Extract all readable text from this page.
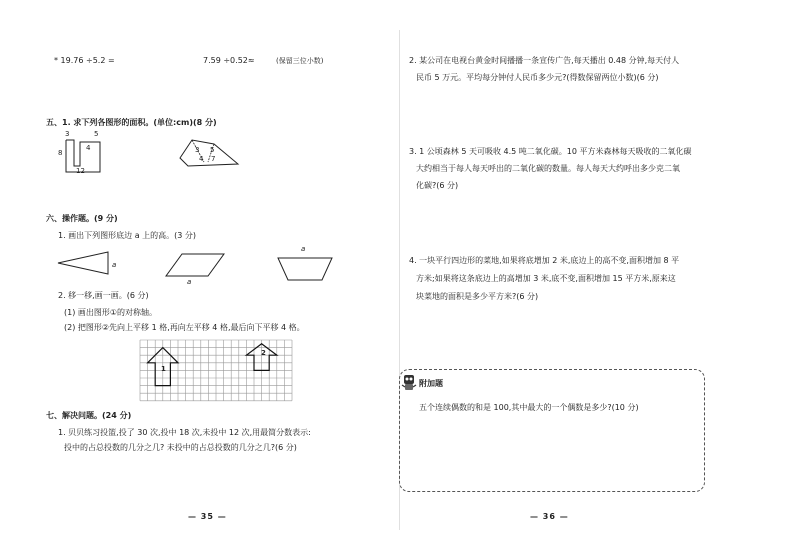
* 19.76 ÷5.2 =	7.59 ÷0.52≈	(保留三位小数)
五、1. 求下列各图形的面积。(单位:cm)(8 分)
3	5
8
4
12
3
4
5
7
六、操作题。(9 分)
1. 画出下列图形底边 a 上的高。(3 分)
a
a
a
2. 移一移,画一画。(6 分)
(1) 画出图形①的对称轴。
(2) 把图形②先向上平移 1 格,再向左平移 4 格,最后向下平移 4 格。
1
2
七、解决问题。(24 分)
1. 贝贝练习投篮,投了 30 次,投中 18 次,未投中 12 次,用最简分数表示:
投中的占总投数的几分之几? 未投中的占总投数的几分之几?(6 分)
— 35 —
2. 某公司在电视台黄金时间播播一条宣传广告,每天播出 0.48 分钟,每天付人
民币 5 万元。平均每分钟付人民币多少元?(得数保留两位小数)(6 分)
3. 1 公顷森林 5 天可吸收 4.5 吨二氧化碳。10 平方米森林每天吸收的二氧化碳
大约相当于每人每天呼出的二氧化碳的数量。每人每天大约呼出多少克二氧
化碳?(6 分)
4. 一块平行四边形的菜地,如果将底增加 2 米,底边上的高不变,面积增加 8 平
方米;如果将这条底边上的高增加 3 米,底不变,面积增加 15 平方米,原来这
块菜地的面积是多少平方米?(6 分)
附加题
五个连续偶数的和是 100,其中最大的一个偶数是多少?(10 分)
— 36 —
